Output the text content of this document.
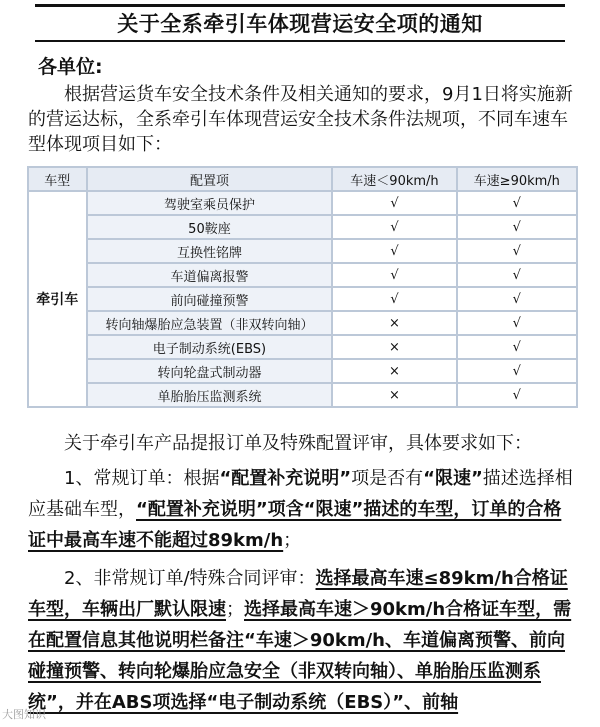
关于全系牵引车体现营运安全项的通知
各单位:
根据营运货车安全技术条件及相关通知的要求，9月1日将实施新的营运达标，全系牵引车体现营运安全技术条件法规项，不同车速车型体现项目如下：
车型	配置项	车速＜90km/h	车速≥90km/h
牵引车	驾驶室乘员保护	√	√
	50鞍座	√	√
	互换性铭牌	√	√
	车道偏离报警	√	√
	前向碰撞预警	√	√
	转向轴爆胎应急装置（非双转向轴）	×	√
	电子制动系统(EBS)	×	√
	转向轮盘式制动器	×	√
	单胎胎压监测系统	×	√
关于牵引车产品提报订单及特殊配置评审，具体要求如下：
1、常规订单：根据“配置补充说明”项是否有“限速”描述选择相应基础车型，“配置补充说明”项含“限速”描述的车型，订单的合格证中最高车速不能超过89km/h；
2、非常规订单/特殊合同评审：选择最高车速≤89km/h合格证车型，车辆出厂默认限速；选择最高车速＞90km/h合格证车型，需在配置信息其他说明栏备注“车速＞90km/h、车道偏离预警、前向碰撞预警、转向轮爆胎应急安全（非双转向轴）、单胎胎压监测系统”，并在ABS项选择“电子制动系统（EBS）”、前轴
大图知识
